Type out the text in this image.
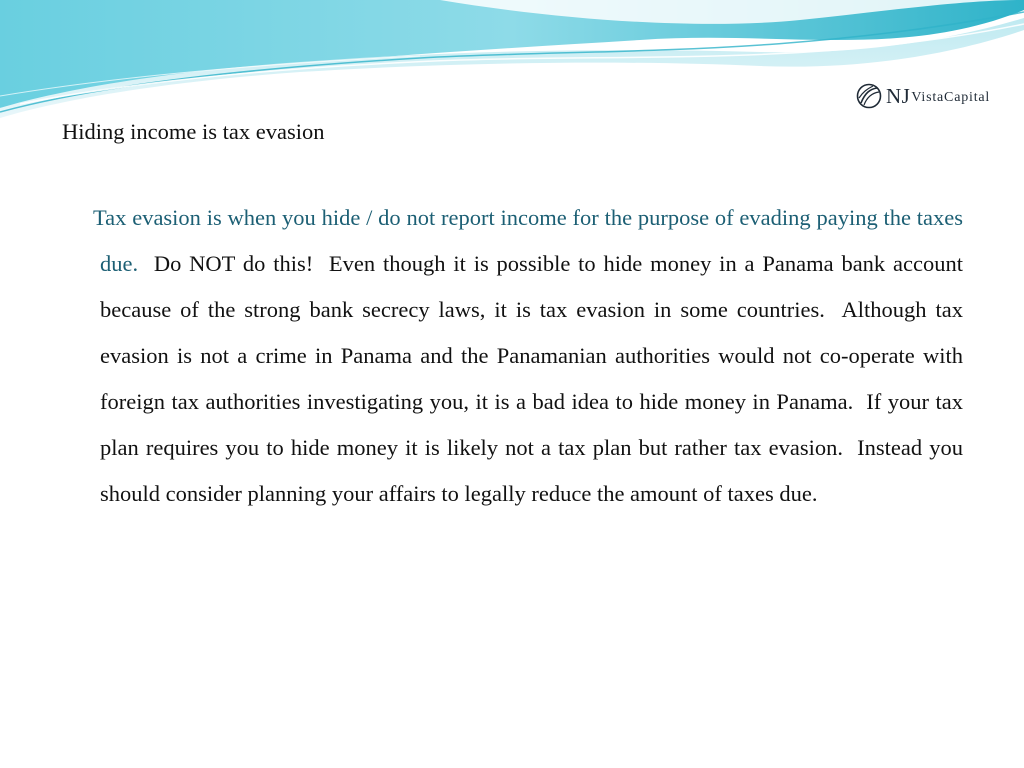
NJ VistaCapital
Hiding income is tax evasion

Tax evasion is when you hide / do not report income for the purpose of evading paying the taxes due. Do NOT do this!  Even though it is possible to hide money in a Panama bank account because of the strong bank secrecy laws, it is tax evasion in some countries.  Although tax evasion is not a crime in Panama and the Panamanian authorities would not co-operate with foreign tax authorities investigating you, it is a bad idea to hide money in Panama.  If your tax plan requires you to hide money it is likely not a tax plan but rather tax evasion.  Instead you should consider planning your affairs to legally reduce the amount of taxes due.
